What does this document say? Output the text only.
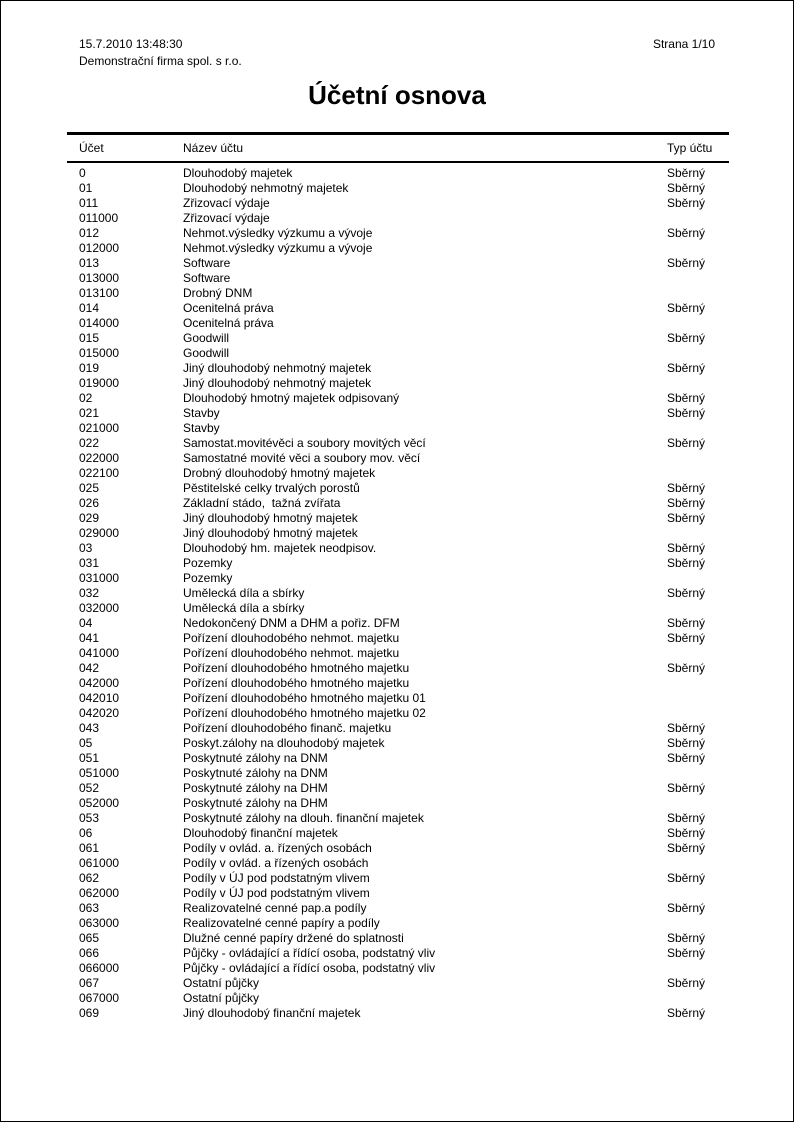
15.7.2010 13:48:30	Strana 1/10
Demonstrační firma spol. s r.o.
Účetní osnova
Účet	Název účtu	Typ účtu
0	Dlouhodobý majetek	Sběrný
01	Dlouhodobý nehmotný majetek	Sběrný
011	Zřizovací výdaje	Sběrný
011000	Zřizovací výdaje
012	Nehmot.výsledky výzkumu a vývoje	Sběrný
012000	Nehmot.výsledky výzkumu a vývoje
013	Software	Sběrný
013000	Software
013100	Drobný DNM
014	Ocenitelná práva	Sběrný
014000	Ocenitelná práva
015	Goodwill	Sběrný
015000	Goodwill
019	Jiný dlouhodobý nehmotný majetek	Sběrný
019000	Jiný dlouhodobý nehmotný majetek
02	Dlouhodobý hmotný majetek odpisovaný	Sběrný
021	Stavby	Sběrný
021000	Stavby
022	Samostat.movitévěci a soubory movitých věcí	Sběrný
022000	Samostatné movité věci a soubory mov. věcí
022100	Drobný dlouhodobý hmotný majetek
025	Pěstitelské celky trvalých porostů	Sběrný
026	Základní stádo,  tažná zvířata	Sběrný
029	Jiný dlouhodobý hmotný majetek	Sběrný
029000	Jiný dlouhodobý hmotný majetek
03	Dlouhodobý hm. majetek neodpisov.	Sběrný
031	Pozemky	Sběrný
031000	Pozemky
032	Umělecká díla a sbírky	Sběrný
032000	Umělecká díla a sbírky
04	Nedokončený DNM a DHM a pořiz. DFM	Sběrný
041	Pořízení dlouhodobého nehmot. majetku	Sběrný
041000	Pořízení dlouhodobého nehmot. majetku
042	Pořízení dlouhodobého hmotného majetku	Sběrný
042000	Pořízení dlouhodobého hmotného majetku
042010	Pořízení dlouhodobého hmotného majetku 01
042020	Pořízení dlouhodobého hmotného majetku 02
043	Pořízení dlouhodobého finanč. majetku	Sběrný
05	Poskyt.zálohy na dlouhodobý majetek	Sběrný
051	Poskytnuté zálohy na DNM	Sběrný
051000	Poskytnuté zálohy na DNM
052	Poskytnuté zálohy na DHM	Sběrný
052000	Poskytnuté zálohy na DHM
053	Poskytnuté zálohy na dlouh. finanční majetek	Sběrný
06	Dlouhodobý finanční majetek	Sběrný
061	Podíly v ovlád. a. řízených osobách	Sběrný
061000	Podíly v ovlád. a řízených osobách
062	Podíly v ÚJ pod podstatným vlivem	Sběrný
062000	Podíly v ÚJ pod podstatným vlivem
063	Realizovatelné cenné pap.a podíly	Sběrný
063000	Realizovatelné cenné papíry a podíly
065	Dlužné cenné papíry držené do splatnosti	Sběrný
066	Půjčky - ovládající a řídící osoba, podstatný vliv	Sběrný
066000	Půjčky - ovládající a řídící osoba, podstatný vliv
067	Ostatní půjčky	Sběrný
067000	Ostatní půjčky
069	Jiný dlouhodobý finanční majetek	Sběrný
